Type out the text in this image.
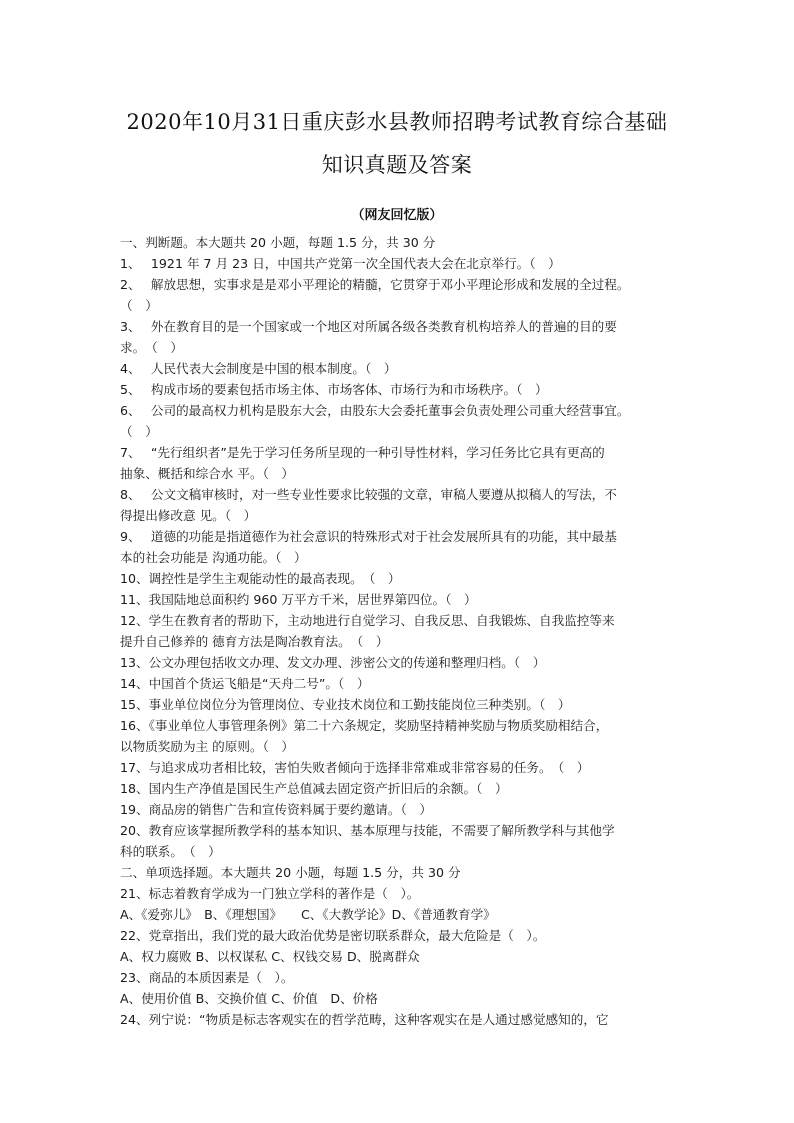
2020年10月31日重庆彭水县教师招聘考试教育综合基础
知识真题及答案
（网友回忆版）
一、判断题。本大题共 20 小题，每题 1.5 分，共 30 分
1、　 1921 年 7 月 23 日，中国共产党第一次全国代表大会在北京举行。（　）
2、　 解放思想，实事求是是邓小平理论的精髓，它贯穿于邓小平理论形成和发展的全过程。
（　）
3、　 外在教育目的是一个国家或一个地区对所属各级各类教育机构培养人的普遍的目的要
求。　（　）
4、　 人民代表大会制度是中国的根本制度。（　）
5、　 构成市场的要素包括市场主体、市场客体、市场行为和市场秩序。（　）
6、　 公司的最高权力机构是股东大会，由股东大会委托董事会负责处理公司重大经营事宜。
（　）
7、　 “先行组织者”是先于学习任务所呈现的一种引导性材料，学习任务比它具有更高的
抽象、概括和综合水 平。（　）
8、　 公文文稿审核时，对一些专业性要求比较强的文章，审稿人要遵从拟稿人的写法，不
得提出修改意 见。（　）
9、　 道德的功能是指道德作为社会意识的特殊形式对于社会发展所具有的功能，其中最基
本的社会功能是 沟通功能。（　）
10、调控性是学生主观能动性的最高表现。　（　）
11、我国陆地总面积约 960 万平方千米，居世界第四位。（　）
12、学生在教育者的帮助下，主动地进行自觉学习、自我反思、自我锻炼、自我监控等来
提升自己修养的 德育方法是陶冶教育法。　（　）
13、公文办理包括收文办理、发文办理、涉密公文的传递和整理归档。（　）
14、中国首个货运飞船是“天舟二号”。（　）
15、事业单位岗位分为管理岗位、专业技术岗位和工勤技能岗位三种类别。（　）
16、《事业单位人事管理条例》第二十六条规定，奖励坚持精神奖励与物质奖励相结合，
以物质奖励为主 的原则。（　）
17、与追求成功者相比较，害怕失败者倾向于选择非常难或非常容易的任务。　（　）
18、国内生产净值是国民生产总值减去固定资产折旧后的余额。（　）
19、商品房的销售广告和宣传资料属于要约邀请。（　）
20、教育应该掌握所教学科的基本知识、基本原理与技能，不需要了解所教学科与其他学
科的联系。　（　）
二、单项选择题。本大题共 20 小题，每题 1.5 分，共 30 分
21、标志着教育学成为一门独立学科的著作是（　）。
A、《爱弥儿》　B、《理想国》　　C、《大教学论》D、《普通教育学》
22、党章指出，我们党的最大政治优势是密切联系群众，最大危险是（　）。
A、权力腐败 B、以权谋私 C、权钱交易 D、脱离群众
23、商品的本质因素是（　）。
A、使用价值 B、交换价值 C、价值　D、价格
24、列宁说：“物质是标志客观实在的哲学范畴，这种客观实在是人通过感觉感知的，它
